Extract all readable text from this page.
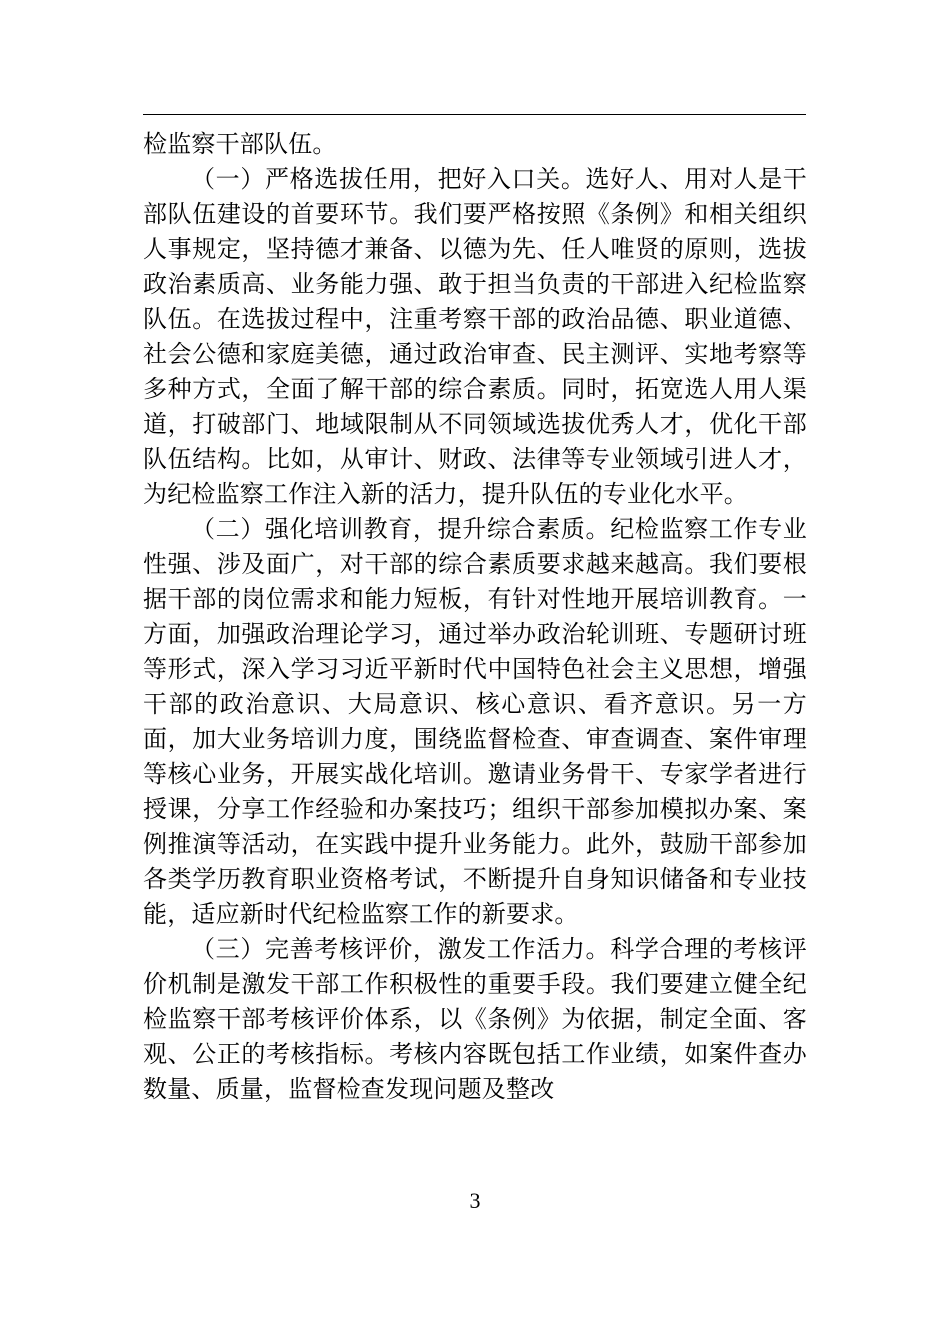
检监察干部队伍。

（一）严格选拔任用，把好入口关。选好人、用对人是干部队伍建设的首要环节。我们要严格按照《条例》和相关组织人事规定，坚持德才兼备、以德为先、任人唯贤的原则，选拔政治素质高、业务能力强、敢于担当负责的干部进入纪检监察队伍。在选拔过程中，注重考察干部的政治品德、职业道德、社会公德和家庭美德，通过政治审查、民主测评、实地考察等多种方式，全面了解干部的综合素质。同时，拓宽选人用人渠道，打破部门、地域限制从不同领域选拔优秀人才，优化干部队伍结构。比如，从审计、财政、法律等专业领域引进人才，为纪检监察工作注入新的活力，提升队伍的专业化水平。

（二）强化培训教育，提升综合素质。纪检监察工作专业性强、涉及面广，对干部的综合素质要求越来越高。我们要根据干部的岗位需求和能力短板，有针对性地开展培训教育。一方面，加强政治理论学习，通过举办政治轮训班、专题研讨班等形式，深入学习习近平新时代中国特色社会主义思想，增强干部的政治意识、大局意识、核心意识、看齐意识。另一方面，加大业务培训力度，围绕监督检查、审查调查、案件审理等核心业务，开展实战化培训。邀请业务骨干、专家学者进行授课，分享工作经验和办案技巧；组织干部参加模拟办案、案例推演等活动，在实践中提升业务能力。此外，鼓励干部参加各类学历教育职业资格考试，不断提升自身知识储备和专业技能，适应新时代纪检监察工作的新要求。

（三）完善考核评价，激发工作活力。科学合理的考核评价机制是激发干部工作积极性的重要手段。我们要建立健全纪检监察干部考核评价体系，以《条例》为依据，制定全面、客观、公正的考核指标。考核内容既包括工作业绩，如案件查办数量、质量，监督检查发现问题及整改

3
